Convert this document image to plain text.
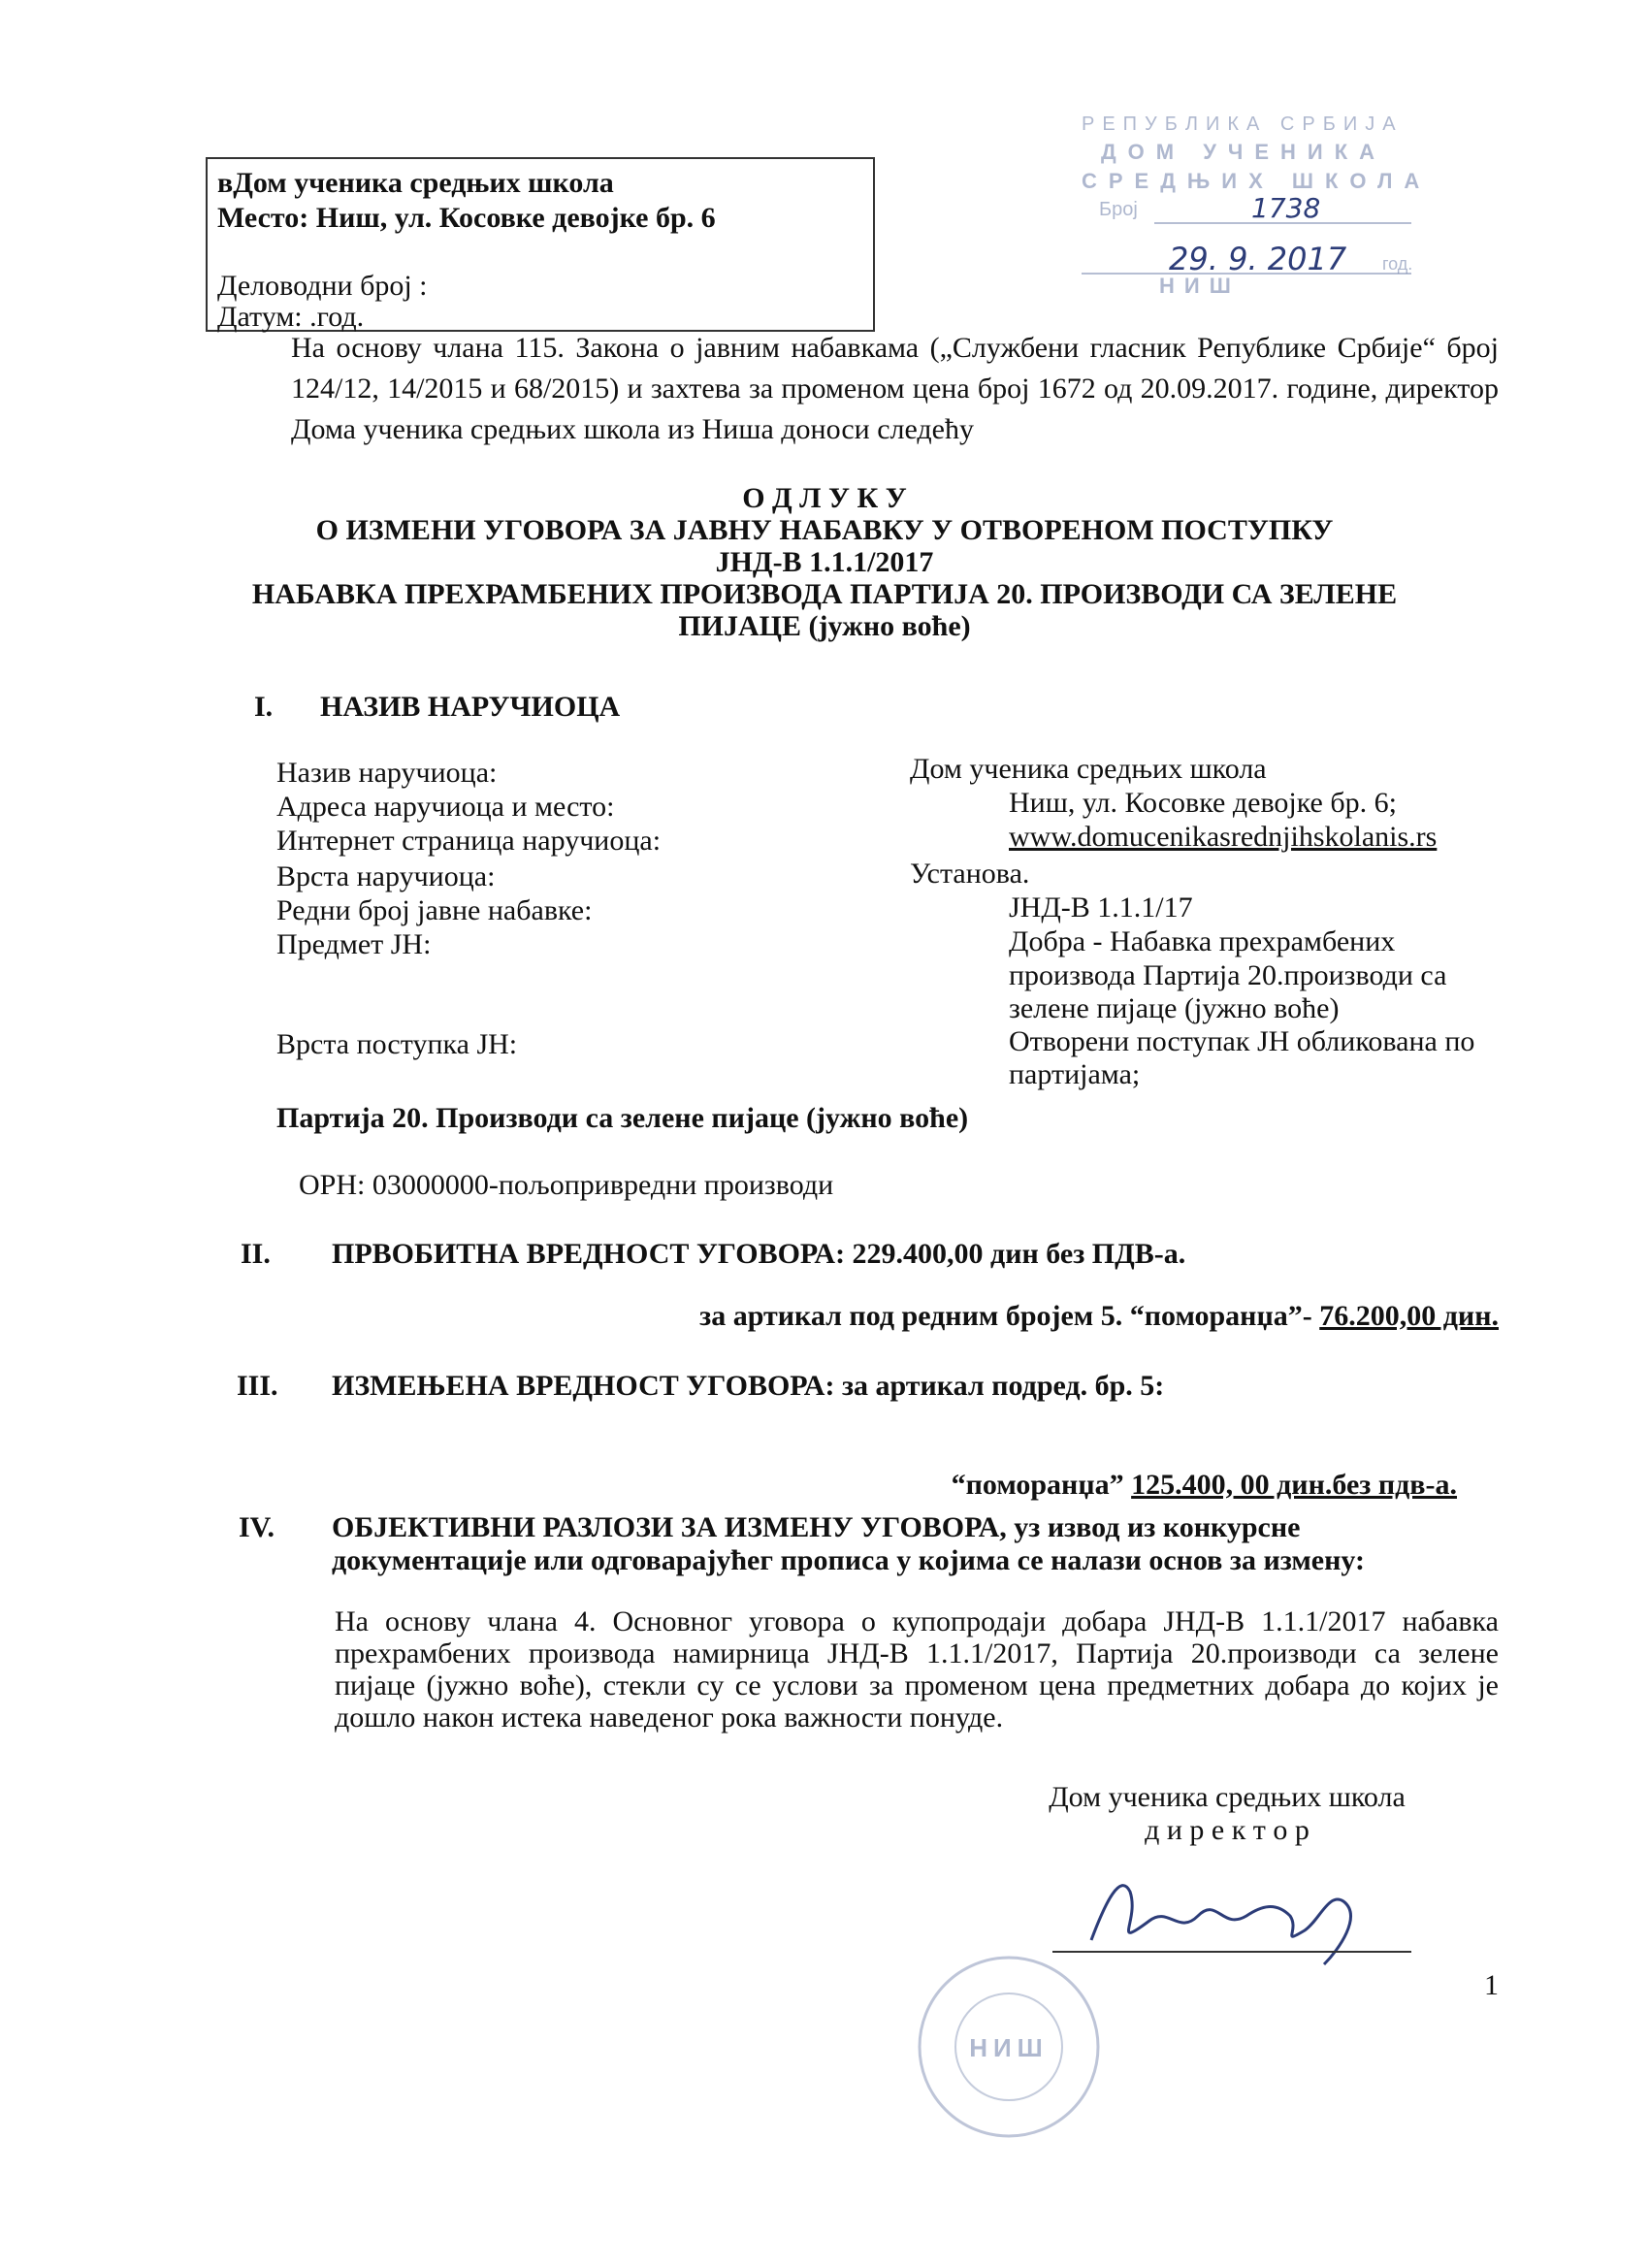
вДом ученика средњих школа
Место: Ниш, ул. Косовке девојке бр. 6
Деловодни број :
Датум: .год.
РЕПУБЛИКА СРБИЈА
ДОМ УЧЕНИКА
СРЕДЊИХ ШКОЛА
Број
год.
НИШ
1738
29. 9. 2017

На основу члана 115. Закона о јавним набавкама („Службени гласник Републике Србије“ број 124/12, 14/2015 и 68/2015) и захтева за променом цена број 1672 од 20.09.2017. године, директор Дома ученика средњих школа из Ниша доноси следећу

О Д Л У К У
О ИЗМЕНИ УГОВОРА ЗА ЈАВНУ НАБАВКУ У ОТВОРЕНОМ ПОСТУПКУ
ЈНД-В 1.1.1/2017
НАБАВКА ПРЕХРАМБЕНИХ ПРОИЗВОДА ПАРТИЈА 20. ПРОИЗВОДИ СА ЗЕЛЕНЕ
ПИЈАЦЕ (јужно воће)
I. НАЗИВ НАРУЧИОЦА
Назив наручиоца:
Адреса наручиоца и место:
Интернет страница наручиоца:
Врста наручиоца:
Редни број јавне набавке:
Предмет ЈН:
Врста поступка ЈН:
Дом ученика средњих школа
Ниш, ул. Косовке девојке бр. 6;
www.domucenikasrednjihskolanis.rs
Установа.
ЈНД-В 1.1.1/17
Добра - Набавка прехрамбених
производа Партија 20.производи са
зелене пијаце (јужно воће)
Отворени поступак ЈН обликована по
партијама;
Партија 20. Производи са зелене пијаце (јужно воће)
ОРН: 03000000-пољопривредни производи
II. ПРВОБИТНА ВРЕДНОСТ УГОВОРА: 229.400,00 дин без ПДВ-а.
за артикал под редним бројем 5. “поморанџа”- 76.200,00 дин.
III. ИЗМЕЊЕНА ВРЕДНОСТ УГОВОРА: за артикал подред. бр. 5:
“поморанџа” 125.400, 00 дин.без пдв-а.
IV. ОБЈЕКТИВНИ РАЗЛОЗИ ЗА ИЗМЕНУ УГОВОРА, уз извод из конкурсне
документације или одговарајућег прописа у којима се налази основ за измену:

На основу члана 4. Основног уговора о купопродаји добара ЈНД-В 1.1.1/2017 набавка прехрамбених производа намирница ЈНД-В 1.1.1/2017, Партија 20.производи са зелене пијаце (јужно воће), стекли су се услови за променом цена предметних добара до којих је дошло након истека наведеног рока важности понуде.

Дом ученика средњих школа
д и р е к т о р
НИШ
1
